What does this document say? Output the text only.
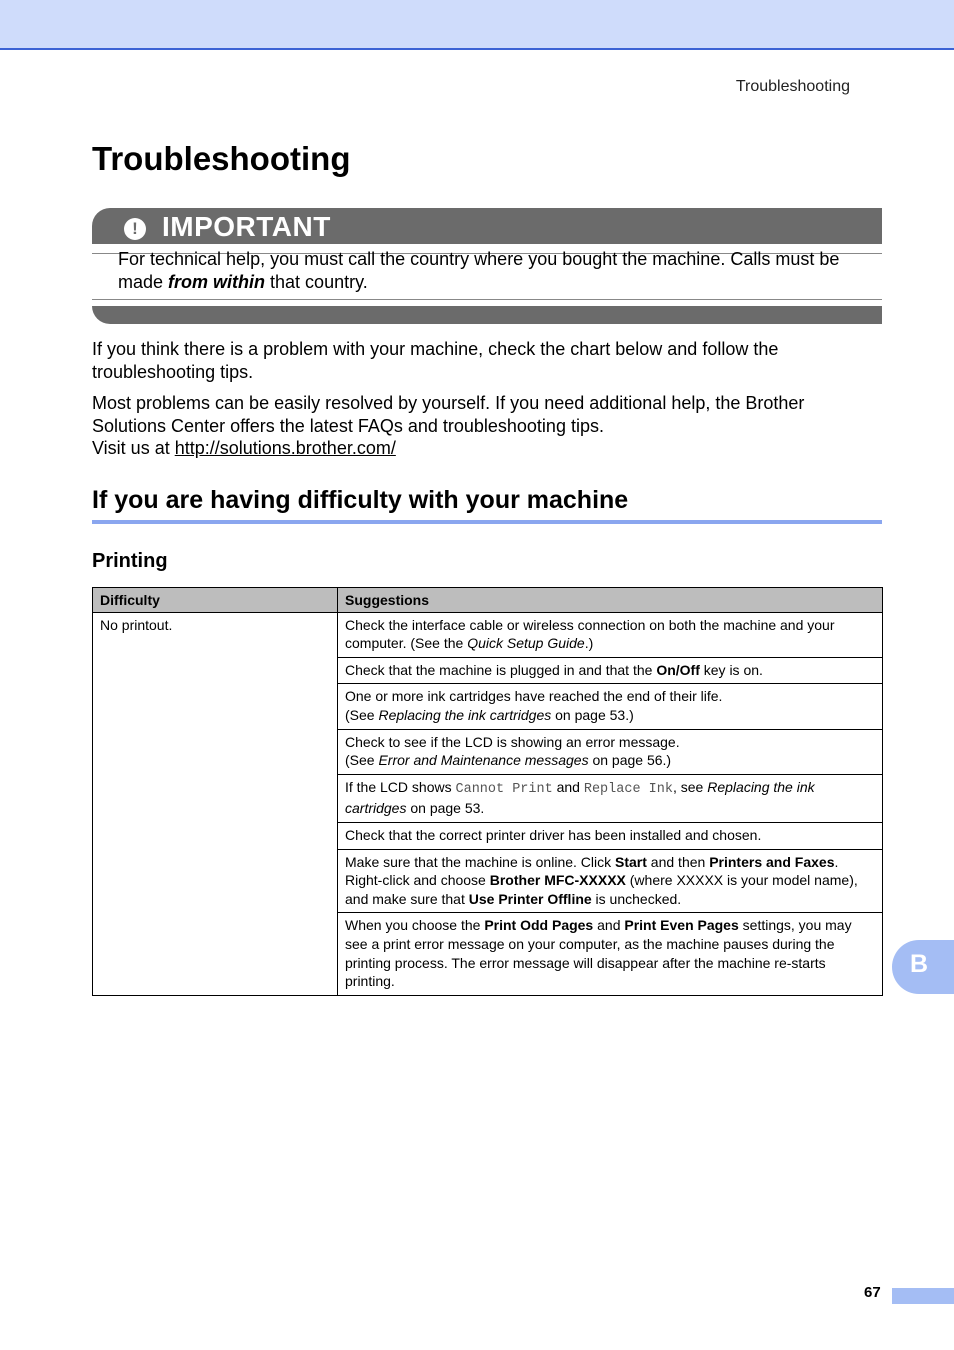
Troubleshooting
Troubleshooting
! IMPORTANT

For technical help, you must call the country where you bought the machine. Calls must be made from within that country.

If you think there is a problem with your machine, check the chart below and follow the troubleshooting tips.

Most problems can be easily resolved by yourself. If you need additional help, the Brother Solutions Center offers the latest FAQs and troubleshooting tips.
Visit us at http://solutions.brother.com/

If you are having difficulty with your machine
Printing
Difficulty	Suggestions
No printout.	Check the interface cable or wireless connection on both the machine and your computer. (See the Quick Setup Guide.)
	Check that the machine is plugged in and that the On/Off key is on.
	One or more ink cartridges have reached the end of their life.
(See Replacing the ink cartridges on page 53.)
	Check to see if the LCD is showing an error message.
(See Error and Maintenance messages on page 56.)
	If the LCD shows Cannot Print and Replace Ink, see Replacing the ink cartridges on page 53.
	Check that the correct printer driver has been installed and chosen.
	Make sure that the machine is online. Click Start and then Printers and Faxes. Right-click and choose Brother MFC-XXXXX (where XXXXX is your model name), and make sure that Use Printer Offline is unchecked.
	When you choose the Print Odd Pages and Print Even Pages settings, you may see a print error message on your computer, as the machine pauses during the printing process. The error message will disappear after the machine re-starts printing.
B
67
